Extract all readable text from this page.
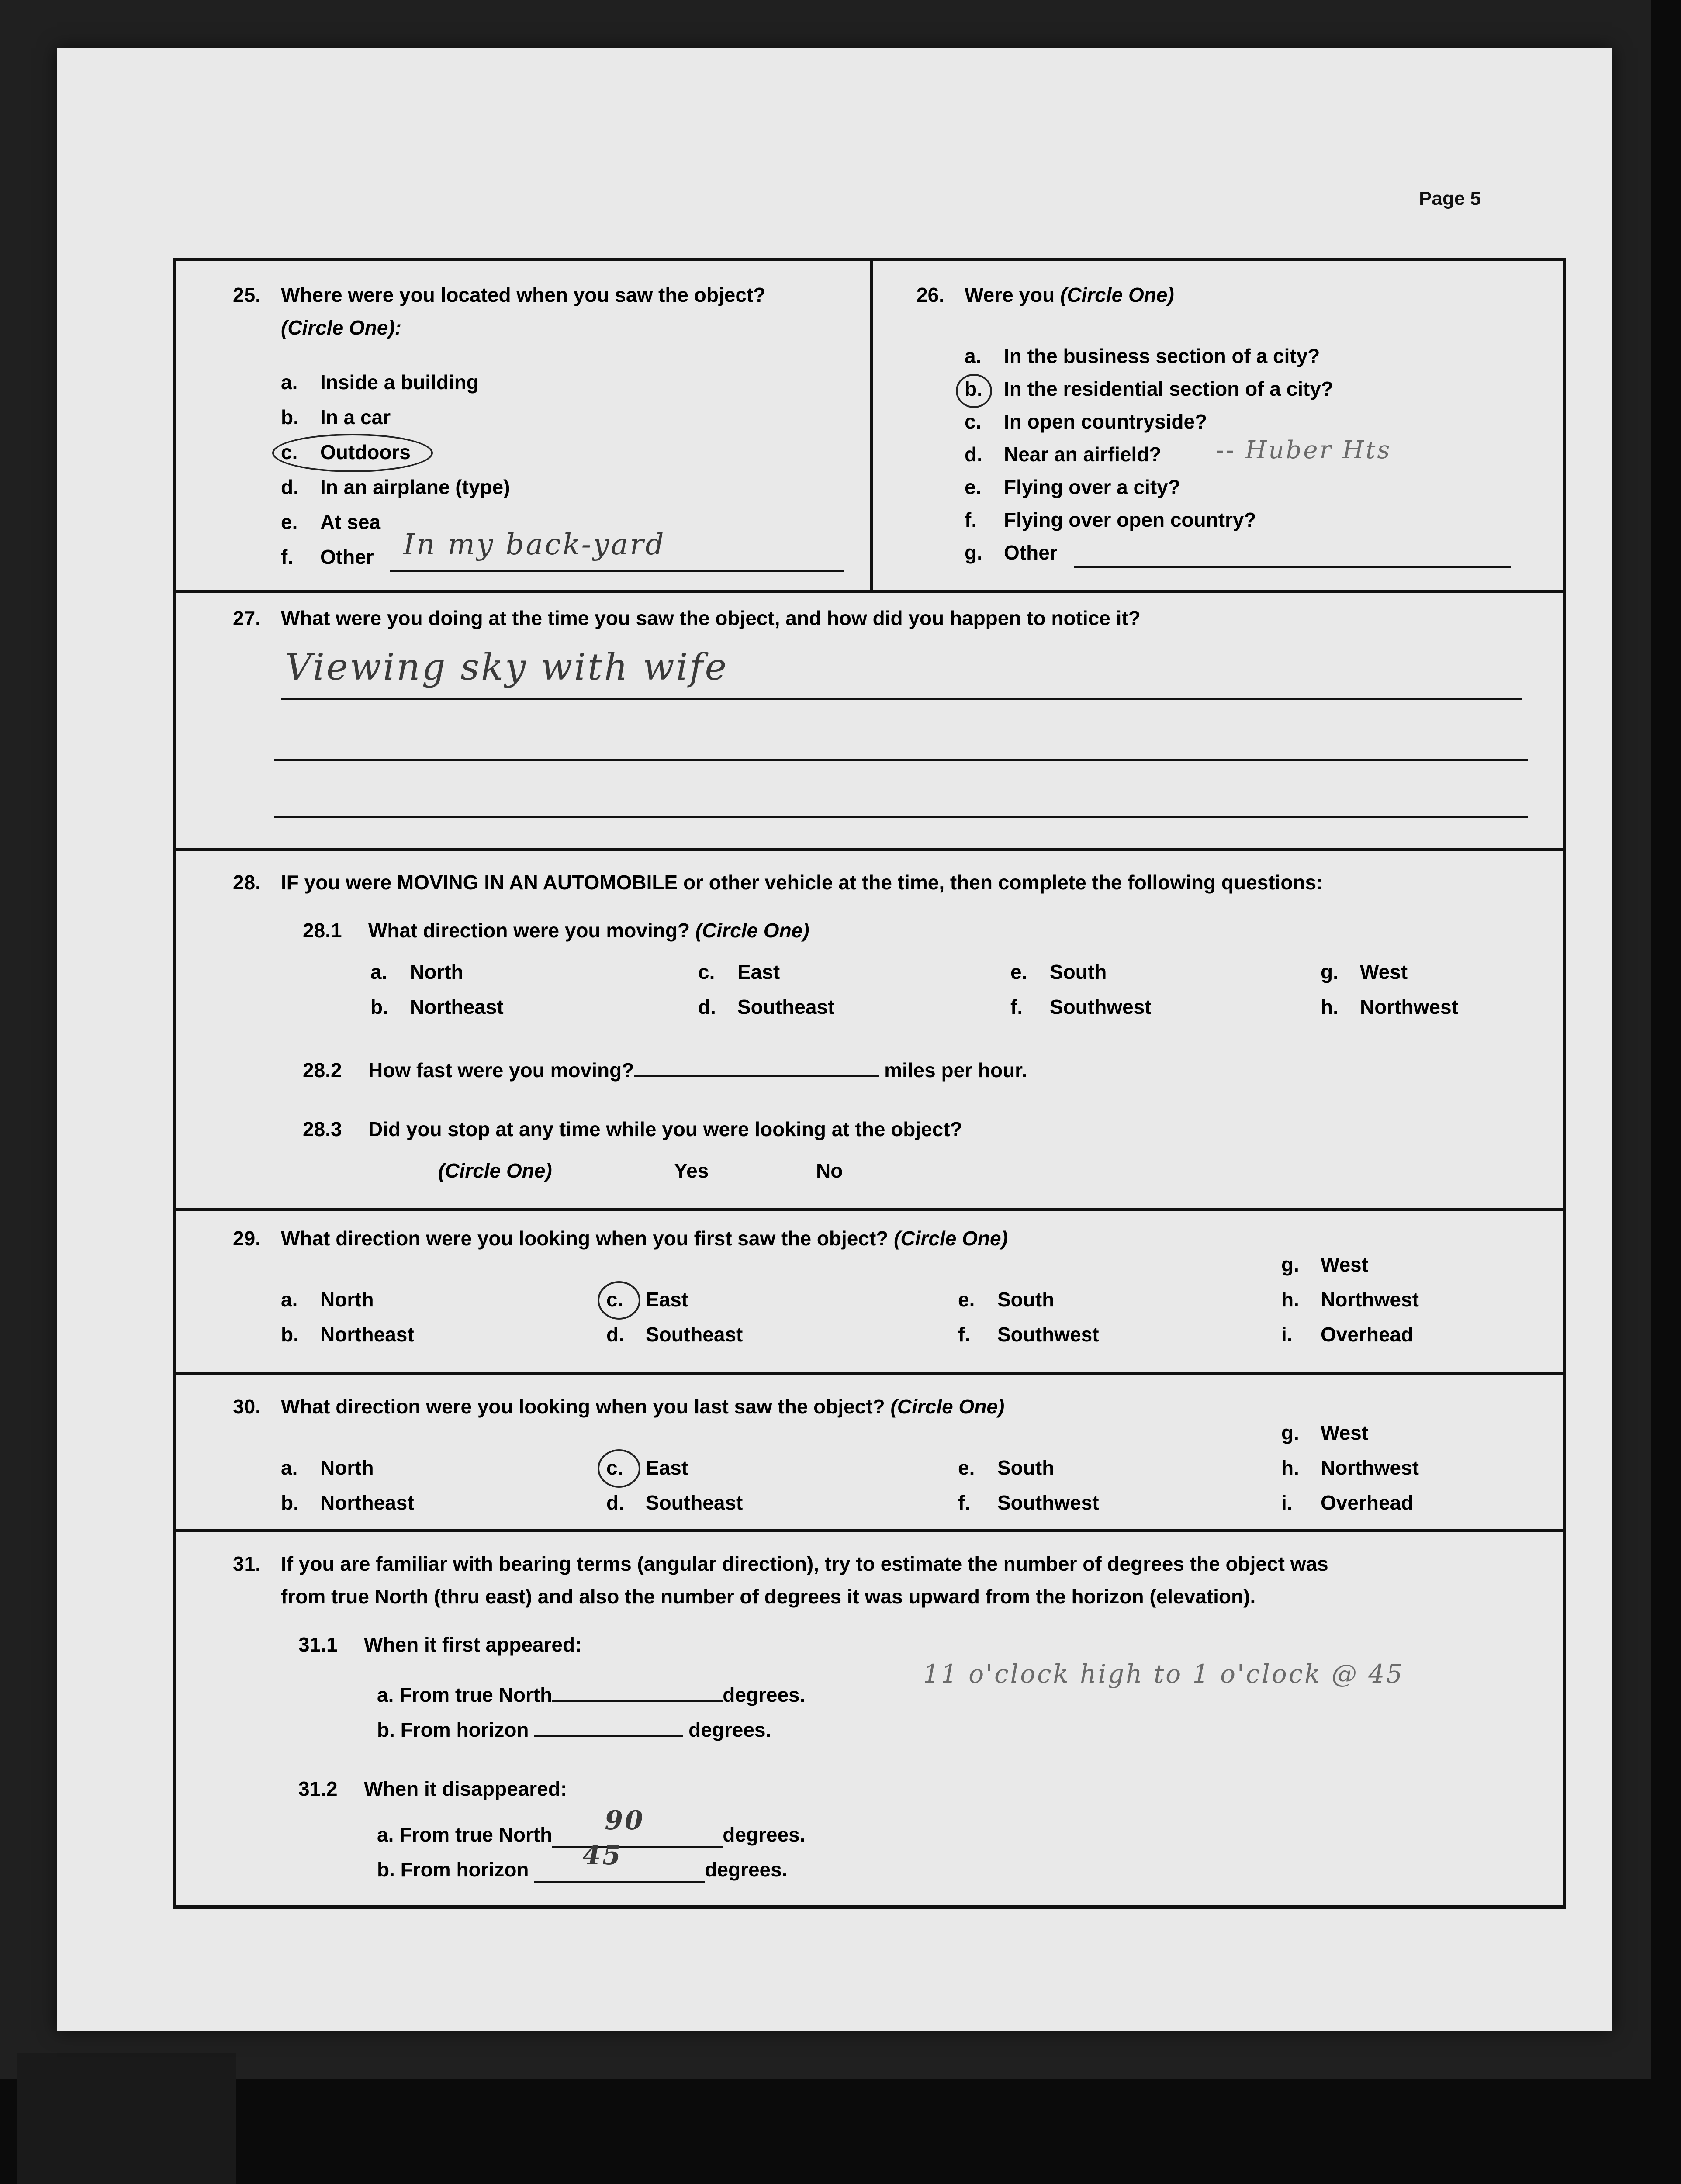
Page 5
25. Where were you located when you saw the object?
(Circle One):
a. Inside a building
b. In a car
c. Outdoors
d. In an airplane (type)
e. At sea
f. Other In my back-yard
26. Were you (Circle One)
a. In the business section of a city?
b. In the residential section of a city?
c. In open countryside?
d. Near an airfield? -- Huber Hts
e. Flying over a city?
f. Flying over open country?
g. Other
27. What were you doing at the time you saw the object, and how did you happen to notice it?
Viewing sky with wife
28. IF you were MOVING IN AN AUTOMOBILE or other vehicle at the time, then complete the following questions:
28.1 What direction were you moving? (Circle One)
a. North
b. Northeast
c. East
d. Southeast
e. South
f. Southwest
g. West
h. Northwest
28.2 How fast were you moving?	miles per hour.
28.3 Did you stop at any time while you were looking at the object?
(Circle One)	Yes	No
29. What direction were you looking when you first saw the object? (Circle One)
a. North
b. Northeast
c. East
d. Southeast
e. South
f. Southwest
g. West
h. Northwest
i. Overhead
30. What direction were you looking when you last saw the object? (Circle One)
a. North
b. Northeast
c. East
d. Southeast
e. South
f. Southwest
g. West
h. Northwest
i. Overhead
31. If you are familiar with bearing terms (angular direction), try to estimate the number of degrees the object was
from true North (thru east) and also the number of degrees it was upward from the horizon (elevation).
31.1 When it first appeared:
a. From true North	degrees.
b. From horizon	degrees.
11 o'clock high to 1 o'clock @ 45
31.2 When it disappeared:
a. From true North 90	degrees.
b. From horizon 45	degrees.
